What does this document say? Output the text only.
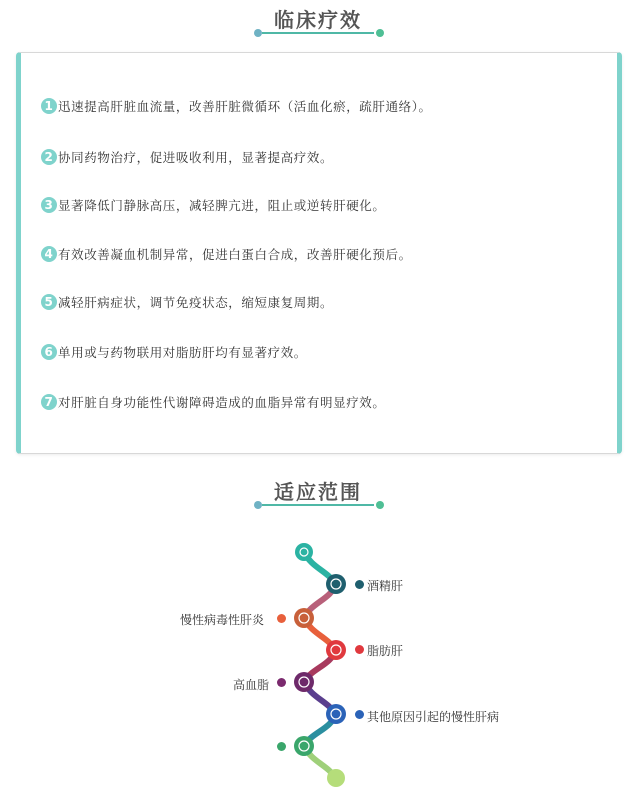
临床疗效
1 迅速提高肝脏血流量，改善肝脏微循环（活血化瘀，疏肝通络）。
2 协同药物治疗，促进吸收利用，显著提高疗效。
3 显著降低门静脉高压，减轻脾亢进，阻止或逆转肝硬化。
4 有效改善凝血机制异常，促进白蛋白合成，改善肝硬化预后。
5 减轻肝病症状，调节免疫状态，缩短康复周期。
6 单用或与药物联用对脂肪肝均有显著疗效。
7 对肝脏自身功能性代谢障碍造成的血脂异常有明显疗效。
适应范围
酒精肝
慢性病毒性肝炎
脂肪肝
高血脂
其他原因引起的慢性肝病
